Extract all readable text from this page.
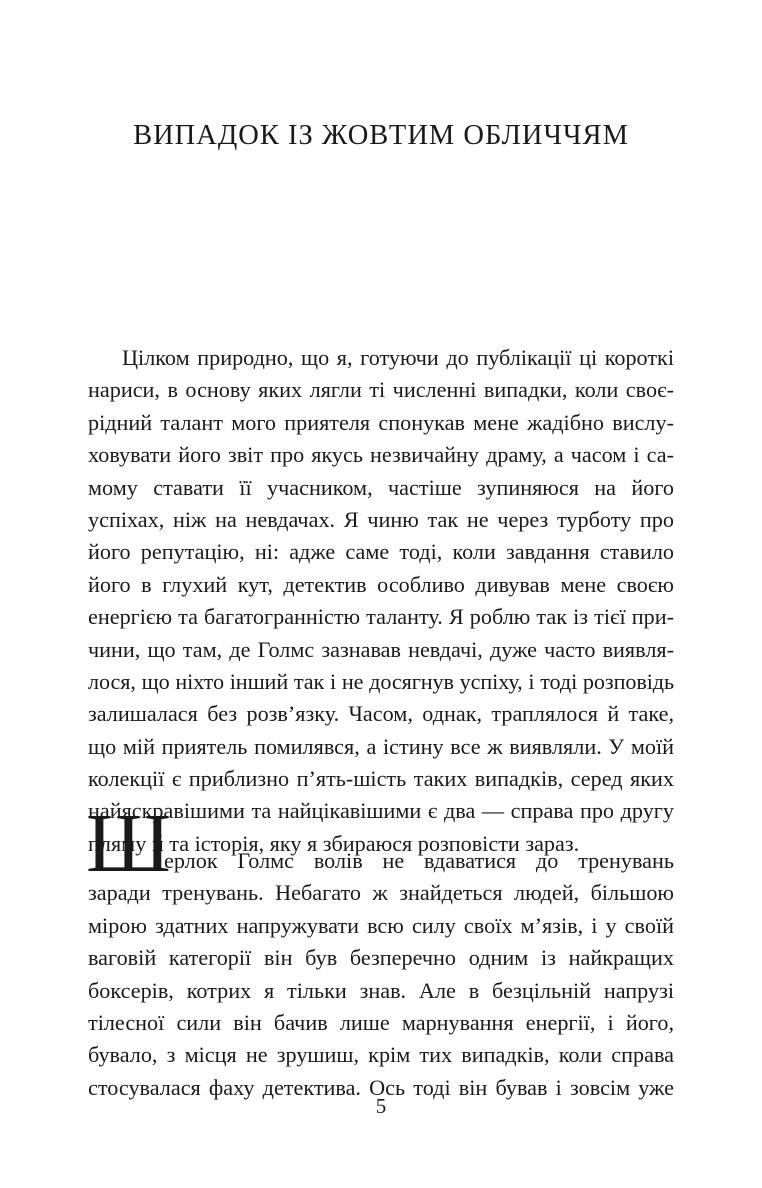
ВИПАДОК ІЗ ЖОВТИМ ОБЛИЧЧЯМ
Цілком природно, що я, готуючи до публікації ці короткі
нариси, в основу яких лягли ті численні випадки, коли своє-
рідний талант мого приятеля спонукав мене жадібно вислу-
ховувати його звіт про якусь незвичайну драму, а часом і са-
мому ставати її учасником, частіше зупиняюся на його
успіхах, ніж на невдачах. Я чиню так не через турботу про
його репутацію, ні: адже саме тоді, коли завдання ставило
його в глухий кут, детектив особливо дивував мене своєю
енергією та багатогранністю таланту. Я роблю так із тієї при-
чини, що там, де Голмс зазнавав невдачі, дуже часто виявля-
лося, що ніхто інший так і не досягнув успіху, і тоді розповідь
залишалася без розв’язку. Часом, однак, траплялося й таке,
що мій приятель помилявся, а істину все ж виявляли. У моїй
колекції є приблизно п’ять-шість таких випадків, серед яких
найяскравішими та найцікавішими є два — справа про другу
пляму й та історія, яку я збираюся розповісти зараз.
Ш
ерлок Голмс волів не вдаватися до тренувань
заради тренувань. Небагато ж знайдеться людей, більшою
мірою здатних напружувати всю силу своїх м’язів, і у своїй
ваговій категорії він був безперечно одним із найкращих
боксерів, котрих я тільки знав. Але в безцільній напрузі
тілесної сили він бачив лише марнування енергії, і його,
бувало, з місця не зрушиш, крім тих випадків, коли справа
стосувалася фаху детектива. Ось тоді він бував і зовсім уже
5
